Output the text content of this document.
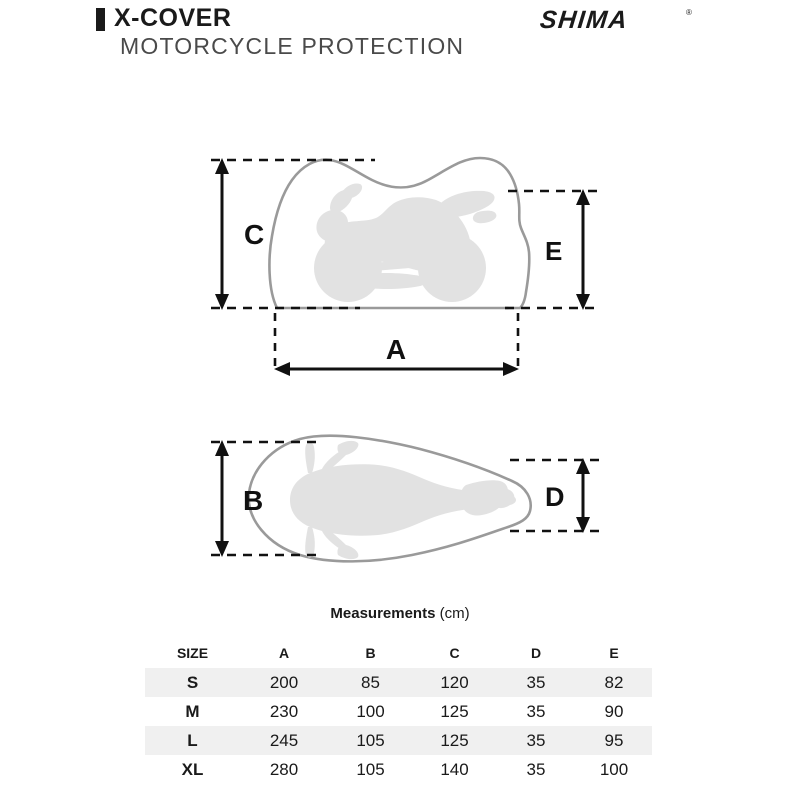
X-COVER
MOTORCYCLE PROTECTION
SHIMA	®
C
E
A
B	D
Measurements (cm)
SIZE	A	B	C	D	E
S	200	85	120	35	82
M	230	100	125	35	90
L	245	105	125	35	95
XL	280	105	140	35	100
